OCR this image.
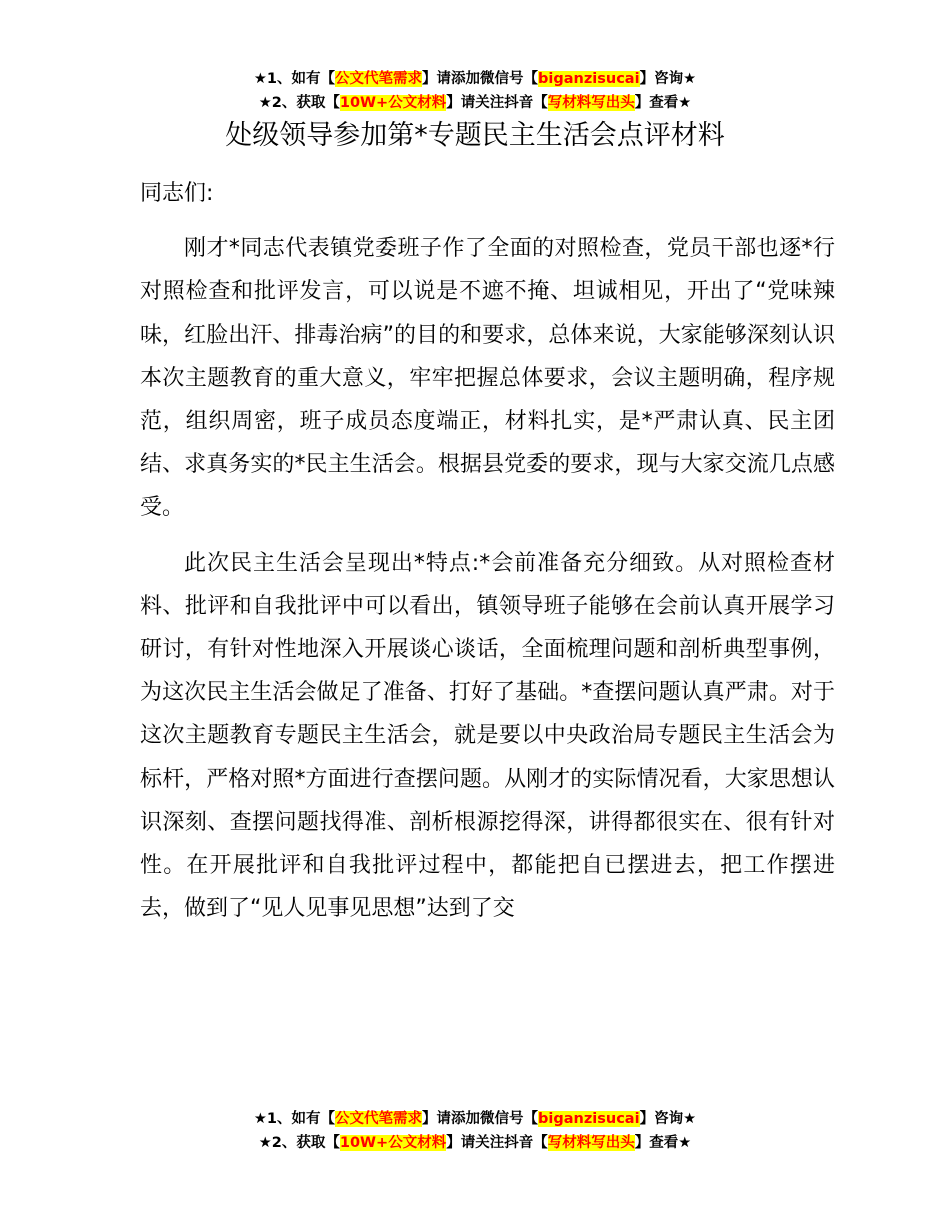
★1、如有【公文代笔需求】请添加微信号【biganzisucai】咨询★
★2、获取【10W+公文材料】请关注抖音【写材料写出头】查看★
处级领导参加第*专题民主生活会点评材料

同志们:

刚才*同志代表镇党委班子作了全面的对照检查，党员干部也逐*行对照检查和批评发言，可以说是不遮不掩、坦诚相见，开出了“党味辣味，红脸出汗、排毒治病”的目的和要求，总体来说，大家能够深刻认识本次主题教育的重大意义，牢牢把握总体要求，会议主题明确，程序规范，组织周密，班子成员态度端正，材料扎实，是*严肃认真、民主团结、求真务实的*民主生活会。根据县党委的要求，现与大家交流几点感受。

此次民主生活会呈现出*特点:*会前准备充分细致。从对照检查材料、批评和自我批评中可以看出，镇领导班子能够在会前认真开展学习研讨，有针对性地深入开展谈心谈话，全面梳理问题和剖析典型事例，为这次民主生活会做足了准备、打好了基础。*查摆问题认真严肃。对于这次主题教育专题民主生活会，就是要以中央政治局专题民主生活会为标杆，严格对照*方面进行查摆问题。从刚才的实际情况看，大家思想认识深刻、查摆问题找得准、剖析根源挖得深，讲得都很实在、很有针对性。在开展批评和自我批评过程中，都能把自已摆进去，把工作摆进去，做到了“见人见事见思想”达到了交

★1、如有【公文代笔需求】请添加微信号【biganzisucai】咨询★
★2、获取【10W+公文材料】请关注抖音【写材料写出头】查看★
